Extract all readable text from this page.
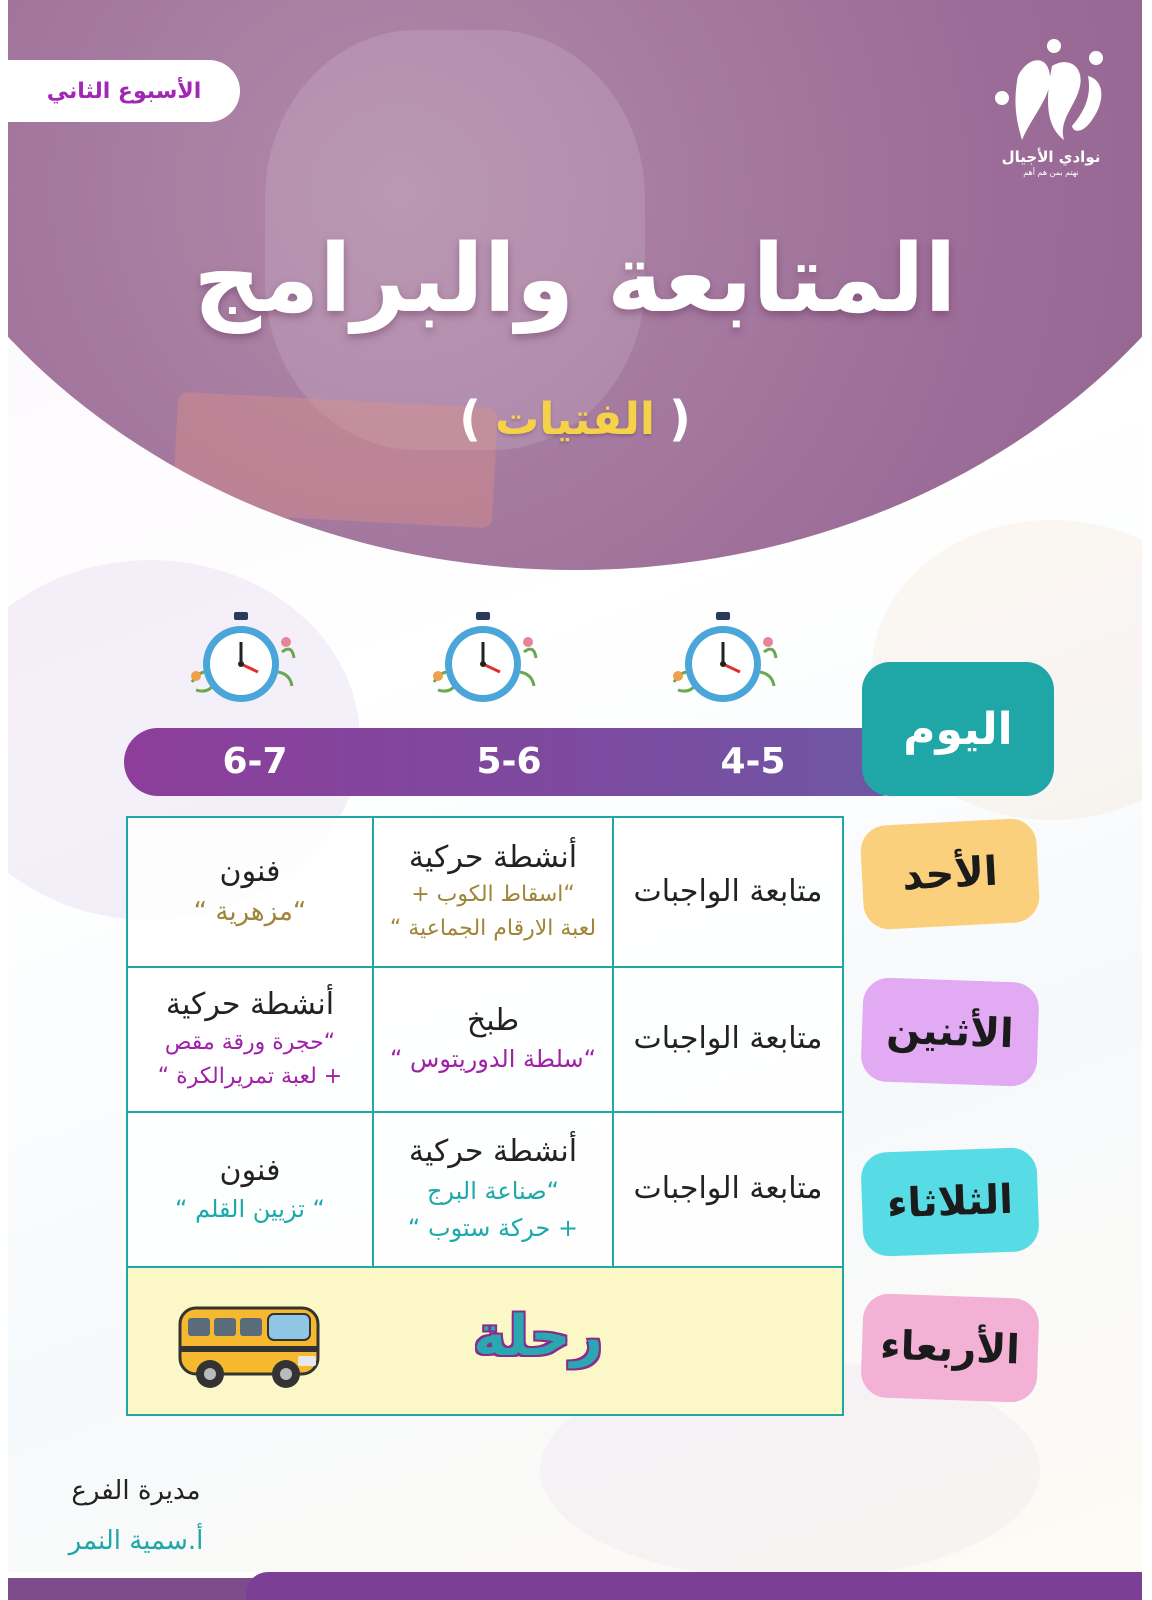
الأسبوع الثاني
نوادي الأجيال
نهتم بمن هم أهم
المتابعة والبرامج
(
الفتيات
)
4-5
5-6
6-7
اليوم
متابعة الواجبات
أنشطة حركية
“اسقاط الكوب +
لعبة الارقام الجماعية “
فنون
“مزهرية “
متابعة الواجبات
طبخ
“سلطة الدوريتوس “
أنشطة حركية
“حجرة ورقة مقص
+ لعبة تمريرالكرة “
متابعة الواجبات
أنشطة حركية
“صناعة البرج
+ حركة ستوب “
فنون
“ تزيين القلم “
رحلة
الأحد
الأثنين
الثلاثاء
الأربعاء
مديرة الفرع
أ.سمية النمر
